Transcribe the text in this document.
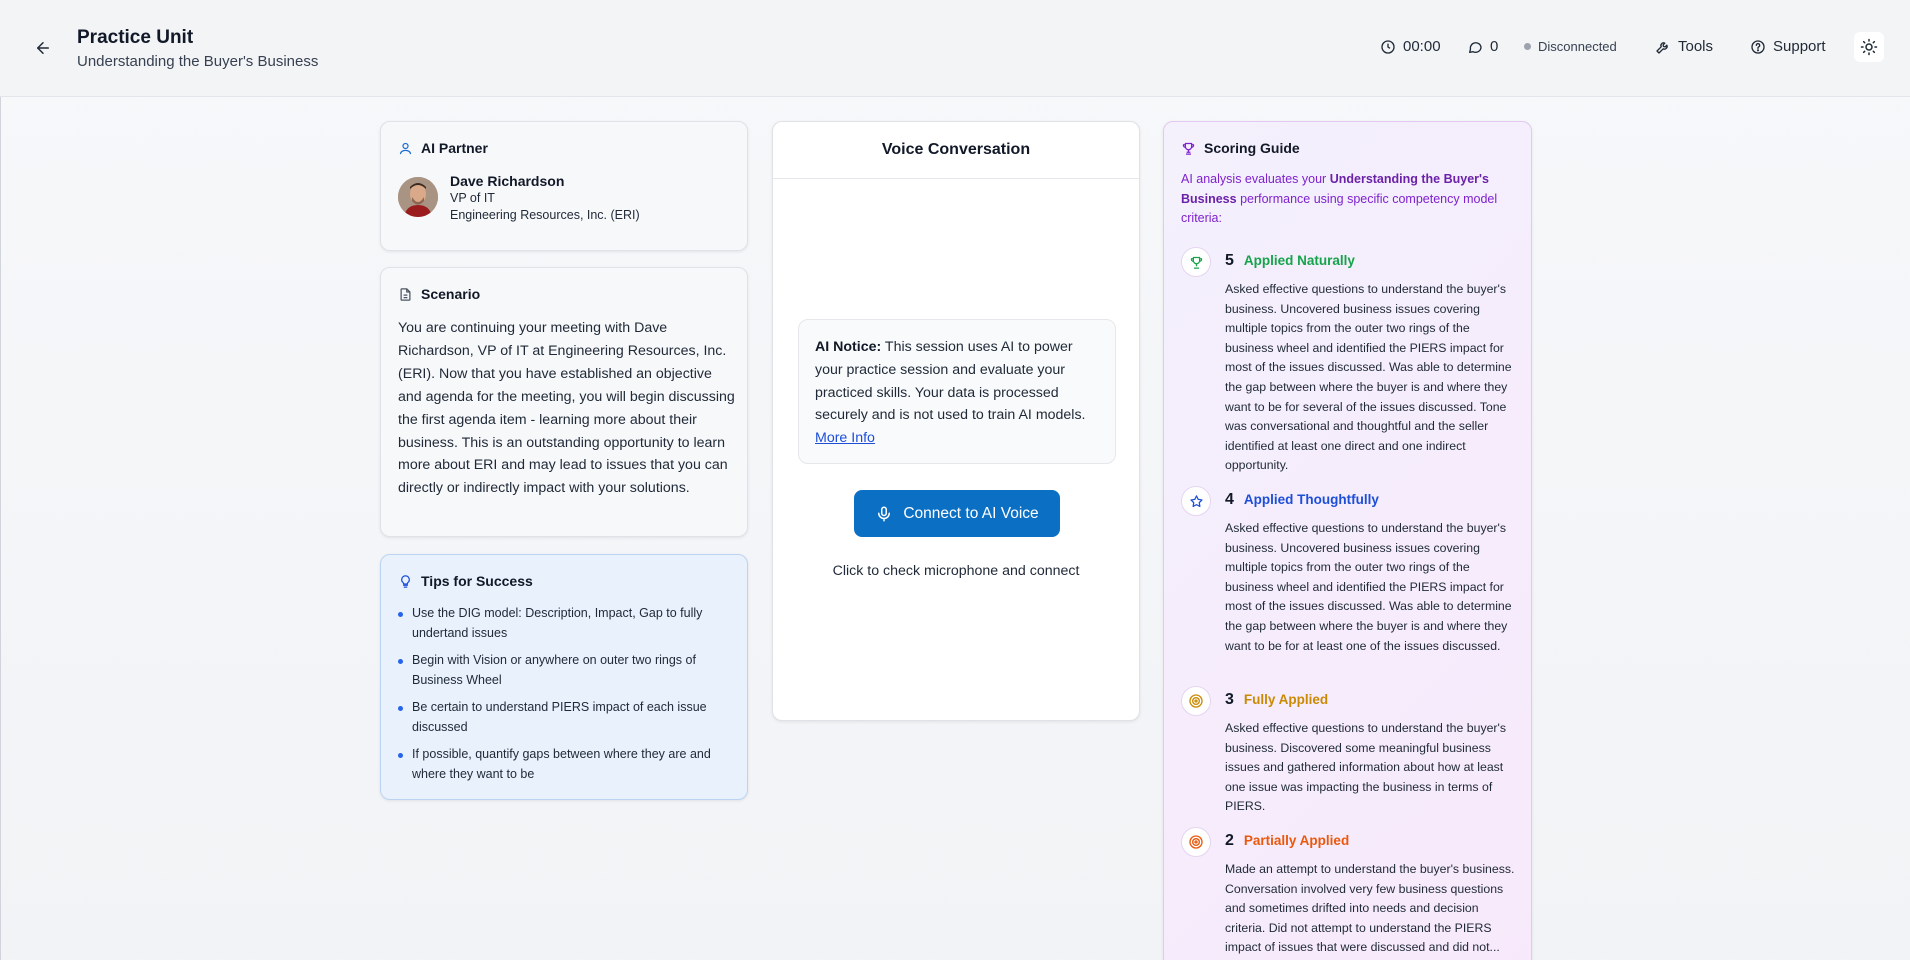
Practice Unit
Understanding the Buyer's Business
00:00	0	Disconnected	Tools	Support
AI Partner
Dave Richardson
VP of IT
Engineering Resources, Inc. (ERI)
Scenario
You are continuing your meeting with Dave Richardson, VP of IT at Engineering Resources, Inc. (ERI). Now that you have established an objective and agenda for the meeting, you will begin discussing the first agenda item - learning more about their business. This is an outstanding opportunity to learn more about ERI and may lead to issues that you can directly or indirectly impact with your solutions.
Tips for Success
Use the DIG model: Description, Impact, Gap to fully undertand issues
Begin with Vision or anywhere on outer two rings of Business Wheel
Be certain to understand PIERS impact of each issue discussed
If possible, quantify gaps between where they are and where they want to be
Voice Conversation
AI Notice: This session uses AI to power your practice session and evaluate your practiced skills. Your data is processed securely and is not used to train AI models. More Info
Connect to AI Voice
Click to check microphone and connect
Scoring Guide
AI analysis evaluates your Understanding the Buyer's Business performance using specific competency model criteria:
5 Applied Naturally
Asked effective questions to understand the buyer's business. Uncovered business issues covering multiple topics from the outer two rings of the business wheel and identified the PIERS impact for most of the issues discussed. Was able to determine the gap between where the buyer is and where they want to be for several of the issues discussed. Tone was conversational and thoughtful and the seller identified at least one direct and one indirect opportunity.
4 Applied Thoughtfully
Asked effective questions to understand the buyer's business. Uncovered business issues covering multiple topics from the outer two rings of the business wheel and identified the PIERS impact for most of the issues discussed. Was able to determine the gap between where the buyer is and where they want to be for at least one of the issues discussed.
3 Fully Applied
Asked effective questions to understand the buyer's business. Discovered some meaningful business issues and gathered information about how at least one issue was impacting the business in terms of PIERS.
2 Partially Applied
Made an attempt to understand the buyer's business. Conversation involved very few business questions and sometimes drifted into needs and decision criteria. Did not attempt to understand the PIERS impact of issues that were discussed and did not...
